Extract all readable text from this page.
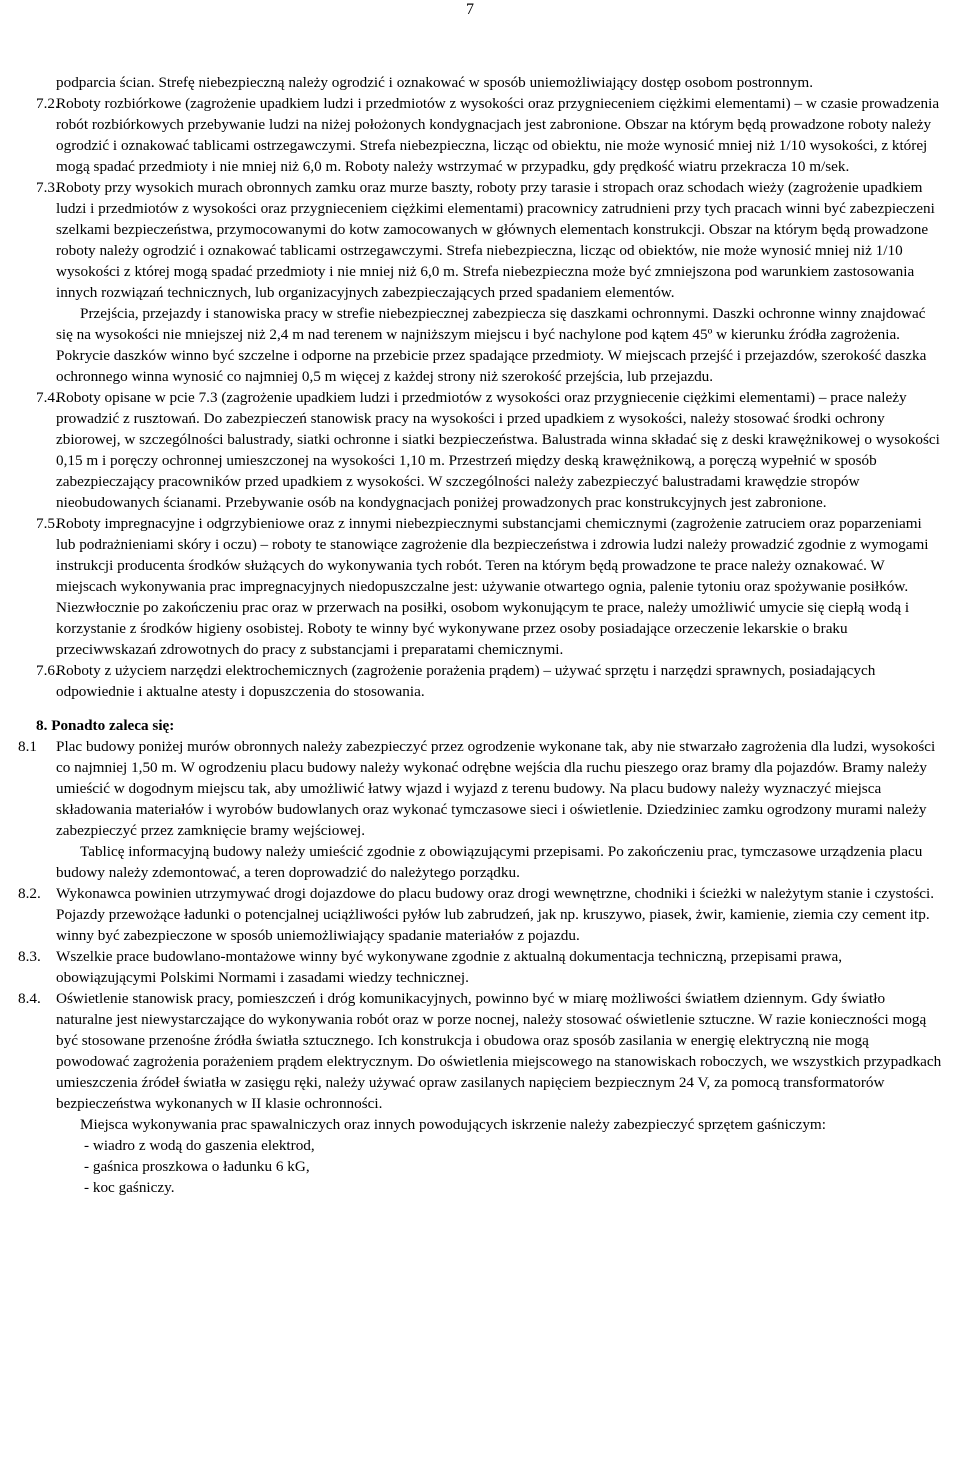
7

podparcia ścian. Strefę niebezpieczną należy ogrodzić i oznakować w sposób uniemożliwiający dostęp osobom postronnym.

7.2.
Roboty rozbiórkowe (zagrożenie upadkiem ludzi i przedmiotów z wysokości oraz przygnieceniem ciężkimi elementami) – w czasie prowadzenia robót rozbiórkowych przebywanie ludzi na niżej położonych kondygnacjach jest zabronione. Obszar na którym będą prowadzone roboty należy ogrodzić i oznakować tablicami ostrzegawczymi. Strefa niebezpieczna, licząc od obiektu, nie może wynosić mniej niż 1/10 wysokości, z której mogą spadać przedmioty i nie mniej niż 6,0 m. Roboty należy wstrzymać w przypadku, gdy prędkość wiatru przekracza 10 m/sek.
7.3.
Roboty przy wysokich murach obronnych zamku oraz murze baszty, roboty przy tarasie i stropach oraz schodach wieży (zagrożenie upadkiem ludzi i przedmiotów z wysokości oraz przygnieceniem ciężkimi elementami) pracownicy zatrudnieni przy tych pracach winni być zabezpieczeni szelkami bezpieczeństwa, przymocowanymi do kotw zamocowanych w głównych elementach konstrukcji. Obszar na którym będą prowadzone roboty należy ogrodzić i oznakować tablicami ostrzegawczymi. Strefa niebezpieczna, licząc od obiektów, nie może wynosić mniej niż 1/10 wysokości z której mogą spadać przedmioty i nie mniej niż 6,0 m. Strefa niebezpieczna może być zmniejszona pod warunkiem zastosowania innych rozwiązań technicznych, lub organizacyjnych zabezpieczających przed spadaniem elementów.

Przejścia, przejazdy i stanowiska pracy w strefie niebezpiecznej zabezpiecza się daszkami ochronnymi. Daszki ochronne winny znajdować się na wysokości nie mniejszej niż 2,4 m nad terenem w najniższym miejscu i być nachylone pod kątem 45º w kierunku źródła zagrożenia. Pokrycie daszków winno być szczelne i odporne na przebicie przez spadające przedmioty. W miejscach przejść i przejazdów, szerokość daszka ochronnego winna wynosić co najmniej 0,5 m więcej z każdej strony niż szerokość przejścia, lub przejazdu.

7.4.
Roboty opisane w pcie 7.3 (zagrożenie upadkiem ludzi i przedmiotów z wysokości oraz przygniecenie ciężkimi elementami) – prace należy prowadzić z rusztowań. Do zabezpieczeń stanowisk pracy na wysokości i przed upadkiem z wysokości, należy stosować środki ochrony zbiorowej, w szczególności balustrady, siatki ochronne i siatki bezpieczeństwa. Balustrada winna składać się z deski krawężnikowej o wysokości 0,15 m i poręczy ochronnej umieszczonej na wysokości 1,10 m. Przestrzeń między deską krawężnikową, a poręczą wypełnić w sposób zabezpieczający pracowników przed upadkiem z wysokości. W szczególności należy zabezpieczyć balustradami krawędzie stropów nieobudowanych ścianami. Przebywanie osób na kondygnacjach poniżej prowadzonych prac konstrukcyjnych jest zabronione.
7.5.
Roboty impregnacyjne i odgrzybieniowe oraz z innymi niebezpiecznymi substancjami chemicznymi (zagrożenie zatruciem oraz poparzeniami lub podrażnieniami skóry i oczu) – roboty te stanowiące zagrożenie dla bezpieczeństwa i zdrowia ludzi należy prowadzić zgodnie z wymogami instrukcji producenta środków służących do wykonywania tych robót. Teren na którym będą prowadzone te prace należy oznakować. W miejscach wykonywania prac impregnacyjnych niedopuszczalne jest: używanie otwartego ognia, palenie tytoniu oraz spożywanie posiłków. Niezwłocznie po zakończeniu prac oraz w przerwach na posiłki, osobom wykonującym te prace, należy umożliwić umycie się ciepłą wodą i korzystanie z środków higieny osobistej. Roboty te winny być wykonywane przez osoby posiadające orzeczenie lekarskie o braku przeciwwskazań zdrowotnych do pracy z substancjami i preparatami chemicznymi.
7.6.
Roboty z użyciem narzędzi elektrochemicznych (zagrożenie porażenia prądem) – używać sprzętu i narzędzi sprawnych, posiadających odpowiednie i aktualne atesty i dopuszczenia do stosowania.
8. Ponadto zaleca się:
8.1 Plac budowy poniżej murów obronnych należy zabezpieczyć przez ogrodzenie wykonane tak, aby nie stwarzało zagrożenia dla ludzi, wysokości co najmniej 1,50 m. W ogrodzeniu placu budowy należy wykonać odrębne wejścia dla ruchu pieszego oraz bramy dla pojazdów. Bramy należy umieścić w dogodnym miejscu tak, aby umożliwić łatwy wjazd i wyjazd z terenu budowy. Na placu budowy należy wyznaczyć miejsca składowania materiałów i wyrobów budowlanych oraz wykonać tymczasowe sieci i oświetlenie. Dziedziniec zamku ogrodzony murami należy zabezpieczyć przez zamknięcie bramy wejściowej.

Tablicę informacyjną budowy należy umieścić zgodnie z obowiązującymi przepisami. Po zakończeniu prac, tymczasowe urządzenia placu budowy należy zdemontować, a teren doprowadzić do należytego porządku.

8.2. Wykonawca powinien utrzymywać drogi dojazdowe do placu budowy oraz drogi wewnętrzne, chodniki i ścieżki w należytym stanie i czystości. Pojazdy przewożące ładunki o potencjalnej uciążliwości pyłów lub zabrudzeń, jak np. kruszywo, piasek, żwir, kamienie, ziemia czy cement itp. winny być zabezpieczone w sposób uniemożliwiający spadanie materiałów z pojazdu.
8.3. Wszelkie prace budowlano-montażowe winny być wykonywane zgodnie z aktualną dokumentacja techniczną, przepisami prawa, obowiązującymi Polskimi Normami i zasadami wiedzy technicznej.
8.4. Oświetlenie stanowisk pracy, pomieszczeń i dróg komunikacyjnych, powinno być w miarę możliwości światłem dziennym. Gdy światło naturalne jest niewystarczające do wykonywania robót oraz w porze nocnej, należy stosować oświetlenie sztuczne. W razie konieczności mogą być stosowane przenośne źródła światła sztucznego. Ich konstrukcja i obudowa oraz sposób zasilania w energię elektryczną nie mogą powodować zagrożenia porażeniem prądem elektrycznym. Do oświetlenia miejscowego na stanowiskach roboczych, we wszystkich przypadkach umieszczenia źródeł światła w zasięgu ręki, należy używać opraw zasilanych napięciem bezpiecznym 24 V, za pomocą transformatorów bezpieczeństwa wykonanych w II klasie ochronności.

Miejsca wykonywania prac spawalniczych oraz innych powodujących iskrzenie należy zabezpieczyć sprzętem gaśniczym:

- wiadro z wodą do gaszenia elektrod,
- gaśnica proszkowa o ładunku 6 kG,
- koc gaśniczy.
